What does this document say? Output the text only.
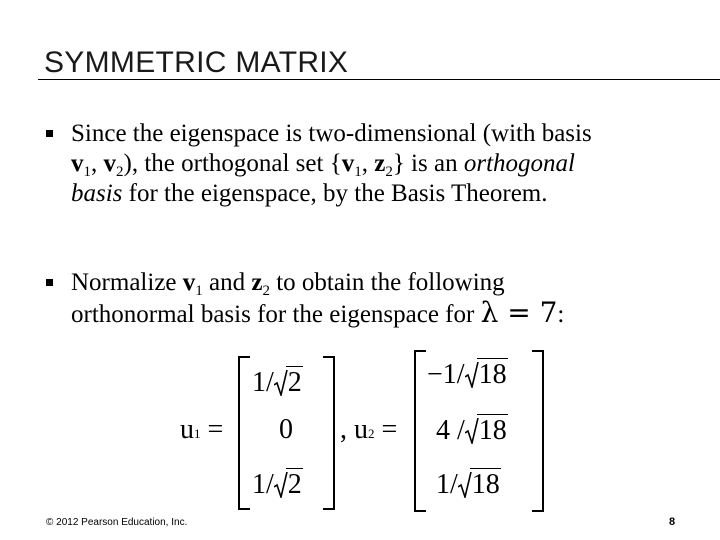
SYMMETRIC MATRIX
Since the eigenspace is two-dimensional (with basis
$v_1$, $v_2$), the orthogonal set {$v_1$, $z_2$} is an orthogonal
basis for the eigenspace, by the Basis Theorem.
Normalize $v_1$ and $z_2$ to obtain the following
orthonormal basis for the eigenspace for λ = 7:
u1 =
1/ 2
0
1/ 2
, u2 =
−1/ 18
4 / 18
1/ 18
© 2012 Pearson Education, Inc.	8
